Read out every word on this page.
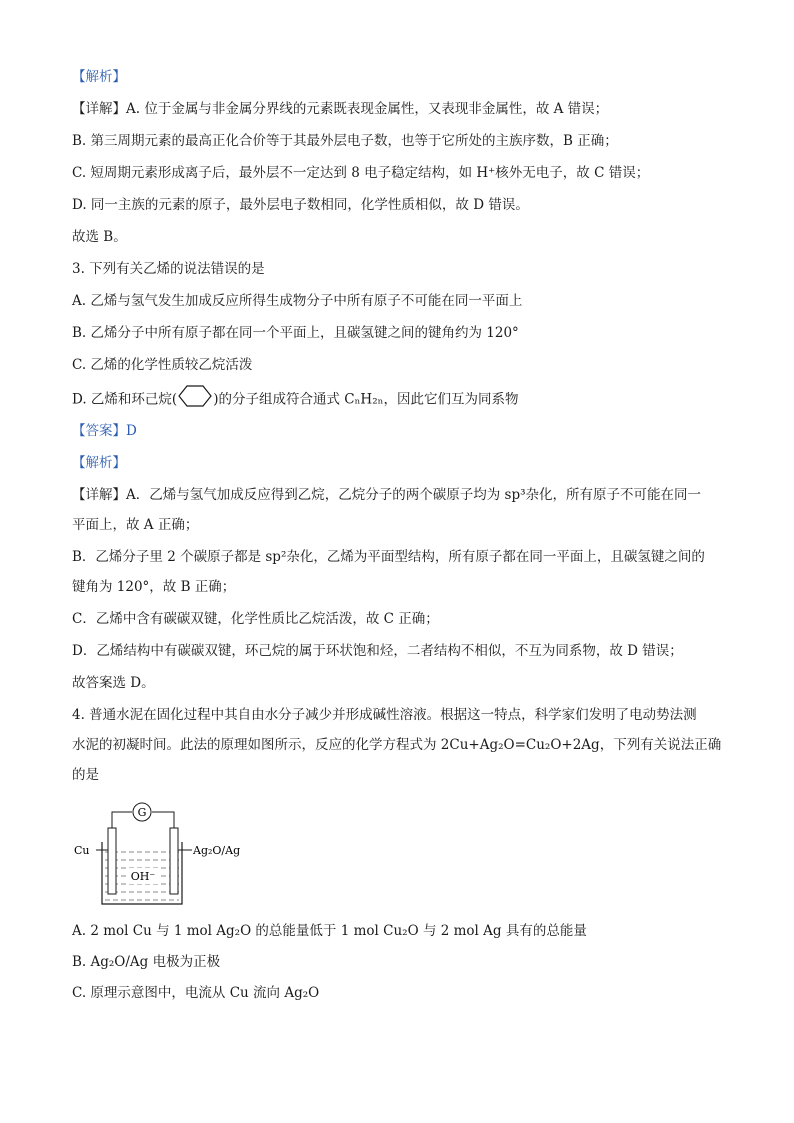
【解析】
【详解】A. 位于金属与非金属分界线的元素既表现金属性，又表现非金属性，故 A 错误；
B. 第三周期元素的最高正化合价等于其最外层电子数，也等于它所处的主族序数，B 正确；
C. 短周期元素形成离子后，最外层不一定达到 8 电子稳定结构，如 H⁺核外无电子，故 C 错误；
D. 同一主族的元素的原子，最外层电子数相同，化学性质相似，故 D 错误。
故选 B。
3. 下列有关乙烯的说法错误的是
A. 乙烯与氢气发生加成反应所得生成物分子中所有原子不可能在同一平面上
B. 乙烯分子中所有原子都在同一个平面上，且碳氢键之间的键角约为 120°
C. 乙烯的化学性质较乙烷活泼
D. 乙烯和环己烷(	)的分子组成符合通式 CₙH₂ₙ，因此它们互为同系物
【答案】D
【解析】
【详解】A．乙烯与氢气加成反应得到乙烷，乙烷分子的两个碳原子均为 sp³杂化，所有原子不可能在同一
平面上，故 A 正确；
B．乙烯分子里 2 个碳原子都是 sp²杂化，乙烯为平面型结构，所有原子都在同一平面上，且碳氢键之间的
键角为 120°，故 B 正确；
C．乙烯中含有碳碳双键，化学性质比乙烷活泼，故 C 正确；
D．乙烯结构中有碳碳双键，环己烷的属于环状饱和烃，二者结构不相似，不互为同系物，故 D 错误；
故答案选 D。
4. 普通水泥在固化过程中其自由水分子减少并形成碱性溶液。根据这一特点，科学家们发明了电动势法测
水泥的初凝时间。此法的原理如图所示，反应的化学方程式为 2Cu+Ag₂O=Cu₂O+2Ag，下列有关说法正确
的是
G
Cu	Ag₂O/Ag
OH⁻
A. 2 mol Cu 与 1 mol Ag₂O 的总能量低于 1 mol Cu₂O 与 2 mol Ag 具有的总能量
B. Ag₂O/Ag 电极为正极
C. 原理示意图中，电流从 Cu 流向 Ag₂O
